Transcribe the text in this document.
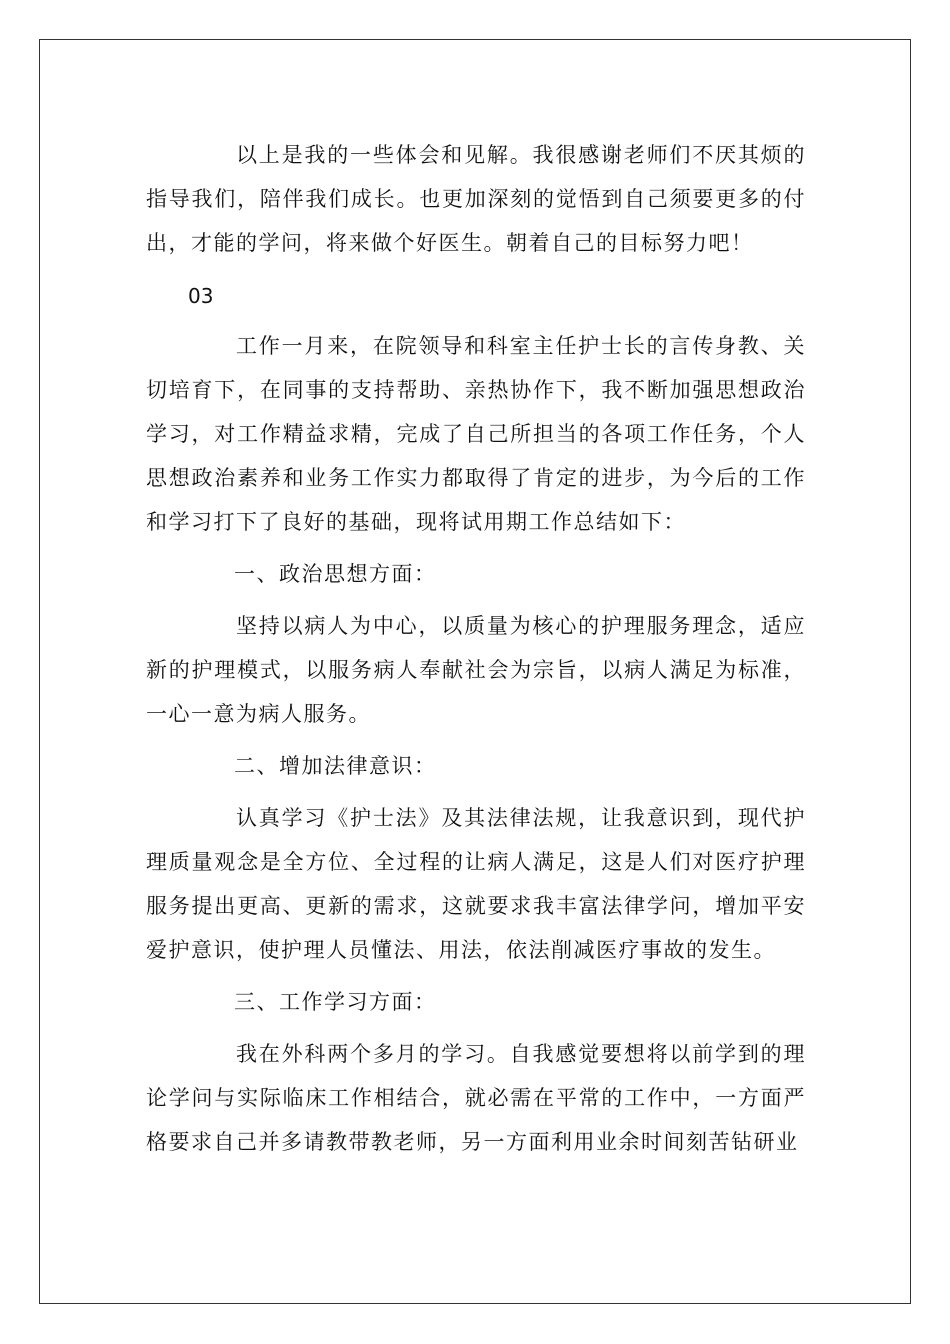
以上是我的一些体会和见解。我很感谢老师们不厌其烦的指导我们，陪伴我们成长。也更加深刻的觉悟到自己须要更多的付出，才能的学问，将来做个好医生。朝着自己的目标努力吧！

03

工作一月来，在院领导和科室主任护士长的言传身教、关切培育下，在同事的支持帮助、亲热协作下，我不断加强思想政治学习，对工作精益求精，完成了自己所担当的各项工作任务，个人思想政治素养和业务工作实力都取得了肯定的进步，为今后的工作和学习打下了良好的基础，现将试用期工作总结如下：

一、政治思想方面：

坚持以病人为中心，以质量为核心的护理服务理念，适应新的护理模式，以服务病人奉献社会为宗旨，以病人满足为标准，一心一意为病人服务。

二、增加法律意识：

认真学习《护士法》及其法律法规，让我意识到，现代护理质量观念是全方位、全过程的让病人满足，这是人们对医疗护理服务提出更高、更新的需求，这就要求我丰富法律学问，增加平安爱护意识，使护理人员懂法、用法，依法削减医疗事故的发生。

三、工作学习方面：

我在外科两个多月的学习。自我感觉要想将以前学到的理论学问与实际临床工作相结合，就必需在平常的工作中，一方面严格要求自己并多请教带教老师，另一方面利用业余时间刻苦钻研业
